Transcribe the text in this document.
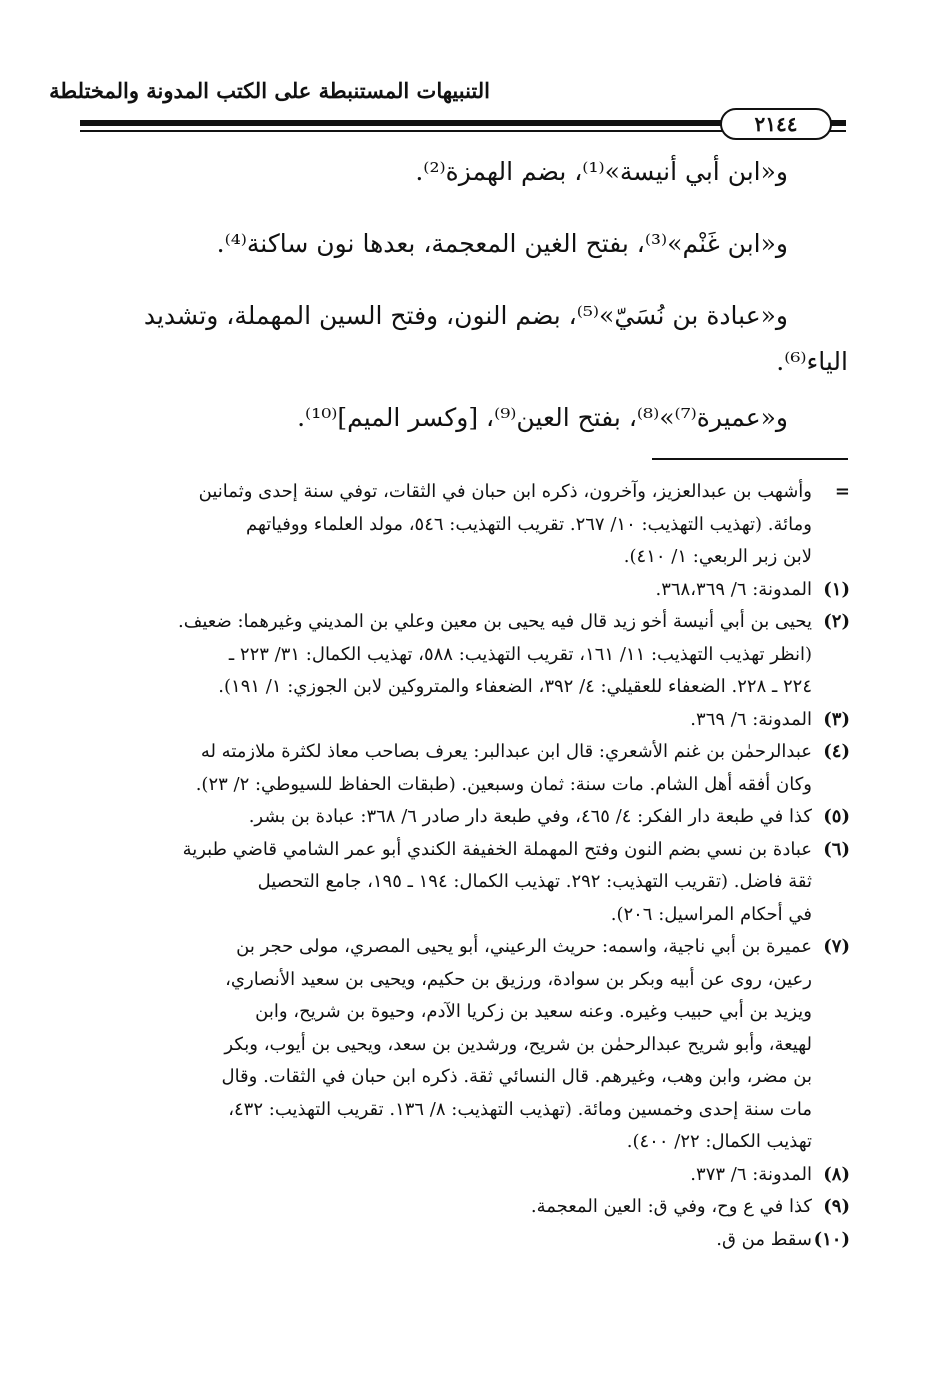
التنبيهات المستنبطة على الكتب المدونة والمختلطة
٢١٤٤

و«ابن أبي أنيسة»⁽¹⁾، بضم الهمزة⁽²⁾.

و«ابن غَنْم»⁽³⁾، بفتح الغين المعجمة، بعدها نون ساكنة⁽⁴⁾.

و«عبادة بن نُسَيّ»⁽⁵⁾، بضم النون، وفتح السين المهملة، وتشديد

الياء⁽⁶⁾.

و«عميرة⁽⁷⁾»⁽⁸⁾، بفتح العين⁽⁹⁾، [وكسر الميم]⁽¹⁰⁾.

=
وأشهب بن عبدالعزيز، وآخرون، ذكره ابن حبان في الثقات، توفي سنة إحدى وثمانين
ومائة. (تهذيب التهذيب: ١٠/ ٢٦٧. تقريب التهذيب: ٥٤٦، مولد العلماء ووفياتهم
لابن زبر الربعي: ١/ ٤١٠).
(١)
المدونة: ٦/ ٣٦٨،٣٦٩.
(٢)
يحيى بن أبي أنيسة أخو زيد قال فيه يحيى بن معين وعلي بن المديني وغيرهما: ضعيف.
(انظر تهذيب التهذيب: ١١/ ١٦١، تقريب التهذيب: ٥٨٨، تهذيب الكمال: ٣١/ ٢٢٣ ـ
٢٢٤ ـ ٢٢٨. الضعفاء للعقيلي: ٤/ ٣٩٢، الضعفاء والمتروكين لابن الجوزي: ١/ ١٩١).
(٣)
المدونة: ٦/ ٣٦٩.
(٤)
عبدالرحمٰن بن غنم الأشعري: قال ابن عبدالبر: يعرف بصاحب معاذ لكثرة ملازمته له
وكان أفقه أهل الشام. مات سنة: ثمان وسبعين. (طبقات الحفاظ للسيوطي: ٢/ ٢٣).
(٥)
كذا في طبعة دار الفكر: ٤/ ٤٦٥، وفي طبعة دار صادر ٦/ ٣٦٨: عبادة بن بشر.
(٦)
عبادة بن نسي بضم النون وفتح المهملة الخفيفة الكندي أبو عمر الشامي قاضي طبرية
ثقة فاضل. (تقريب التهذيب: ٢٩٢. تهذيب الكمال: ١٩٤ ـ ١٩٥، جامع التحصيل
في أحكام المراسيل: ٢٠٦).
(٧)
عميرة بن أبي ناجية، واسمه: حريث الرعيني، أبو يحيى المصري، مولى حجر بن
رعين، روى عن أبيه وبكر بن سوادة، ورزيق بن حكيم، ويحيى بن سعيد الأنصاري،
ويزيد بن أبي حبيب وغيره. وعنه سعيد بن زكريا الآدم، وحيوة بن شريح، وابن
لهيعة، وأبو شريح عبدالرحمٰن بن شريح، ورشدين بن سعد، ويحيى بن أيوب، وبكر
بن مضر، وابن وهب، وغيرهم. قال النسائي ثقة. ذكره ابن حبان في الثقات. وقال
مات سنة إحدى وخمسين ومائة. (تهذيب التهذيب: ٨/ ١٣٦. تقريب التهذيب: ٤٣٢،
تهذيب الكمال: ٢٢/ ٤٠٠).
(٨)
المدونة: ٦/ ٣٧٣.
(٩)
كذا في ع وح، وفي ق: العين المعجمة.
(١٠)
سقط من ق.
